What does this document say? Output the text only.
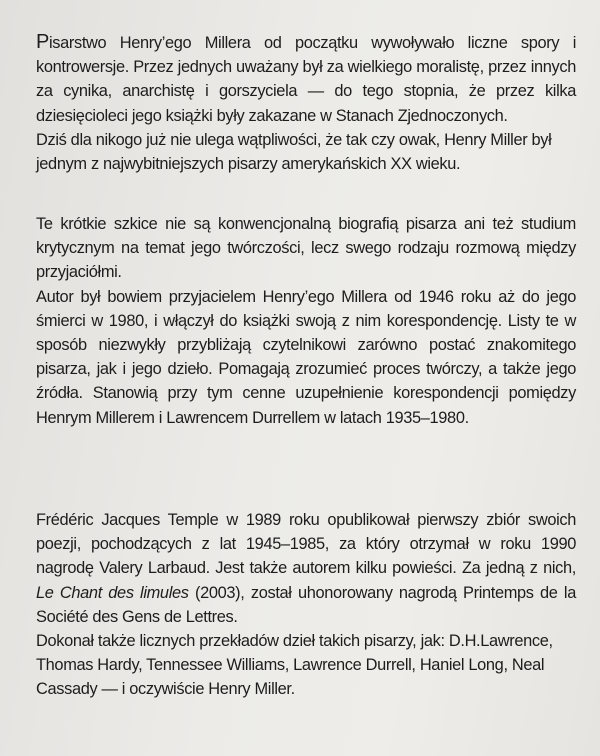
Pisarstwo Henry’ego Millera od początku wywoływało liczne spory i kontrowersje. Przez jednych uważany był za wielkiego moralistę, przez innych za cynika, anarchistę i gorszyciela — do tego stopnia, że przez kilka dziesięcioleci jego książki były zakazane w Stanach Zjednoczonych.

Dziś dla nikogo już nie ulega wątpliwości, że tak czy owak, Henry Miller był jednym z najwybitniejszych pisarzy amerykańskich XX wieku.

Te krótkie szkice nie są konwencjonalną biografią pisarza ani też studium krytycznym na temat jego twórczości, lecz swego rodzaju rozmową między przyjaciółmi.

Autor był bowiem przyjacielem Henry’ego Millera od 1946 roku aż do jego śmierci w 1980, i włączył do książki swoją z nim korespondencję. Listy te w sposób niezwykły przybliżają czytelnikowi zarówno postać znakomitego pisarza, jak i jego dzieło. Pomagają zrozumieć proces twórczy, a także jego źródła. Stanowią przy tym cenne uzupełnienie korespondencji pomiędzy Henrym Millerem i Lawrencem Durrellem w latach 1935–1980.

Frédéric Jacques Temple w 1989 roku opublikował pierwszy zbiór swoich poezji, pochodzących z lat 1945–1985, za który otrzymał w roku 1990 nagrodę Valery Larbaud. Jest także autorem kilku powieści. Za jedną z nich, Le Chant des limules (2003), został uhonorowany nagrodą Printemps de la Société des Gens de Lettres.

Dokonał także licznych przekładów dzieł takich pisarzy, jak: D.H.Lawrence, Thomas Hardy, Tennessee Williams, Lawrence Durrell, Haniel Long, Neal Cassady — i oczywiście Henry Miller.
